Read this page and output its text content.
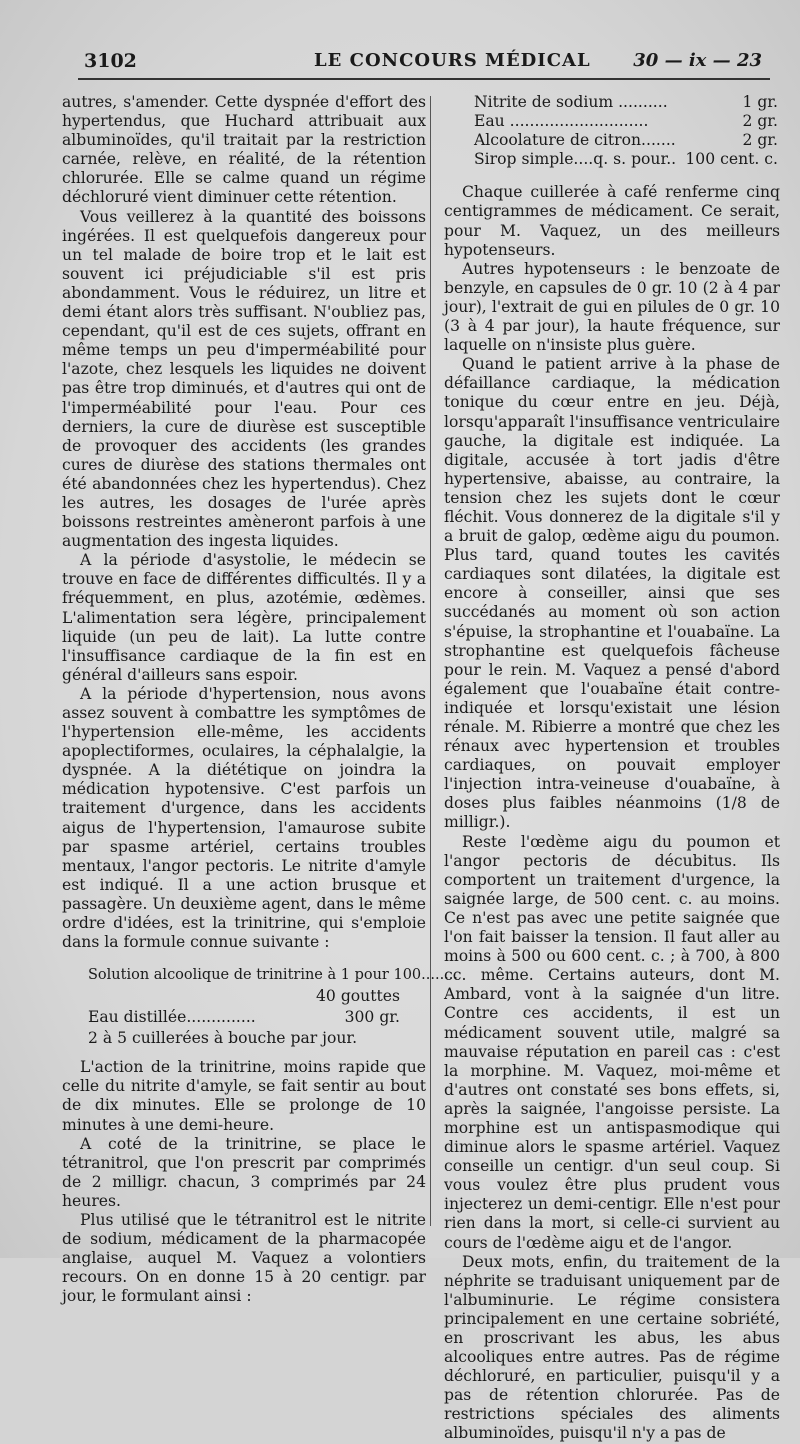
3102	LE CONCOURS MÉDICAL 30 — ix — 23

autres, s'amender. Cette dyspnée d'effort des hypertendus, que Huchard attribuait aux albuminoïdes, qu'il traitait par la restriction carnée, relève, en réalité, de la rétention chlorurée. Elle se calme quand un régime déchloruré vient diminuer cette rétention.

Vous veillerez à la quantité des boissons ingérées. Il est quelquefois dangereux pour un tel malade de boire trop et le lait est souvent ici préjudiciable s'il est pris abondamment. Vous le réduirez, un litre et demi étant alors très suffisant. N'oubliez pas, cependant, qu'il est de ces sujets, offrant en même temps un peu d'imperméabilité pour l'azote, chez lesquels les liquides ne doivent pas être trop diminués, et d'autres qui ont de l'imperméabilité pour l'eau. Pour ces derniers, la cure de diurèse est susceptible de provoquer des accidents (les grandes cures de diurèse des stations thermales ont été abandonnées chez les hypertendus). Chez les autres, les dosages de l'urée après boissons restreintes amèneront parfois à une augmentation des ingesta liquides.

A la période d'asystolie, le médecin se trouve en face de différentes difficultés. Il y a fréquemment, en plus, azotémie, œdèmes. L'alimentation sera légère, principalement liquide (un peu de lait). La lutte contre l'insuffisance cardiaque de la fin est en général d'ailleurs sans espoir.

A la période d'hypertension, nous avons assez souvent à combattre les symptômes de l'hypertension elle-même, les accidents apoplectiformes, oculaires, la céphalalgie, la dyspnée. A la diététique on joindra la médication hypotensive. C'est parfois un traitement d'urgence, dans les accidents aigus de l'hypertension, l'amaurose subite par spasme artériel, certains troubles mentaux, l'angor pectoris. Le nitrite d'amyle est indiqué. Il a une action brusque et passagère. Un deuxième agent, dans le même ordre d'idées, est la trinitrine, qui s'emploie dans la formule connue suivante :

Solution alcoolique de trinitrine à 1 pour 100........
40 gouttes
Eau distillée..............	300 gr.
2 à 5 cuillerées à bouche par jour.

L'action de la trinitrine, moins rapide que celle du nitrite d'amyle, se fait sentir au bout de dix minutes. Elle se prolonge de 10 minutes à une demi-heure.

A coté de la trinitrine, se place le tétranitrol, que l'on prescrit par comprimés de 2 milligr. chacun, 3 comprimés par 24 heures.

Plus utilisé que le tétranitrol est le nitrite de sodium, médicament de la pharmacopée anglaise, auquel M. Vaquez a volontiers recours. On en donne 15 à 20 centigr. par jour, le formulant ainsi :

Nitrite de sodium ..........	1 gr.
Eau ............................	2 gr.
Alcoolature de citron.......	2 gr.
Sirop simple....q. s. pour.. 100 cent. c.

Chaque cuillerée à café renferme cinq centigrammes de médicament. Ce serait, pour M. Vaquez, un des meilleurs hypotenseurs.

Autres hypotenseurs : le benzoate de benzyle, en capsules de 0 gr. 10 (2 à 4 par jour), l'extrait de gui en pilules de 0 gr. 10 (3 à 4 par jour), la haute fréquence, sur laquelle on n'insiste plus guère.

Quand le patient arrive à la phase de défaillance cardiaque, la médication tonique du cœur entre en jeu. Déjà, lorsqu'apparaît l'insuffisance ventriculaire gauche, la digitale est indiquée. La digitale, accusée à tort jadis d'être hypertensive, abaisse, au contraire, la tension chez les sujets dont le cœur fléchit. Vous donnerez de la digitale s'il y a bruit de galop, œdème aigu du poumon. Plus tard, quand toutes les cavités cardiaques sont dilatées, la digitale est encore à conseiller, ainsi que ses succédanés au moment où son action s'épuise, la strophantine et l'ouabaïne. La strophantine est quelquefois fâcheuse pour le rein. M. Vaquez a pensé d'abord également que l'ouabaïne était contre-indiquée et lorsqu'existait une lésion rénale. M. Ribierre a montré que chez les rénaux avec hypertension et troubles cardiaques, on pouvait employer l'injection intra-veineuse d'ouabaïne, à doses plus faibles néanmoins (1/8 de milligr.).

Reste l'œdème aigu du poumon et l'angor pectoris de décubitus. Ils comportent un traitement d'urgence, la saignée large, de 500 cent. c. au moins. Ce n'est pas avec une petite saignée que l'on fait baisser la tension. Il faut aller au moins à 500 ou 600 cent. c. ; à 700, à 800 cc. même. Certains auteurs, dont M. Ambard, vont à la saignée d'un litre. Contre ces accidents, il est un médicament souvent utile, malgré sa mauvaise réputation en pareil cas : c'est la morphine. M. Vaquez, moi-même et d'autres ont constaté ses bons effets, si, après la saignée, l'angoisse persiste. La morphine est un antispasmodique qui diminue alors le spasme artériel. Vaquez conseille un centigr. d'un seul coup. Si vous voulez être plus prudent vous injecterez un demi-centigr. Elle n'est pour rien dans la mort, si celle-ci survient au cours de l'œdème aigu et de l'angor.

Deux mots, enfin, du traitement de la néphrite se traduisant uniquement par de l'albuminurie. Le régime consistera principalement en une certaine sobriété, en proscrivant les abus, les abus alcooliques entre autres. Pas de régime déchloruré, en particulier, puisqu'il y a pas de rétention chlorurée. Pas de restrictions spéciales des aliments albuminoïdes, puisqu'il n'y a pas de
